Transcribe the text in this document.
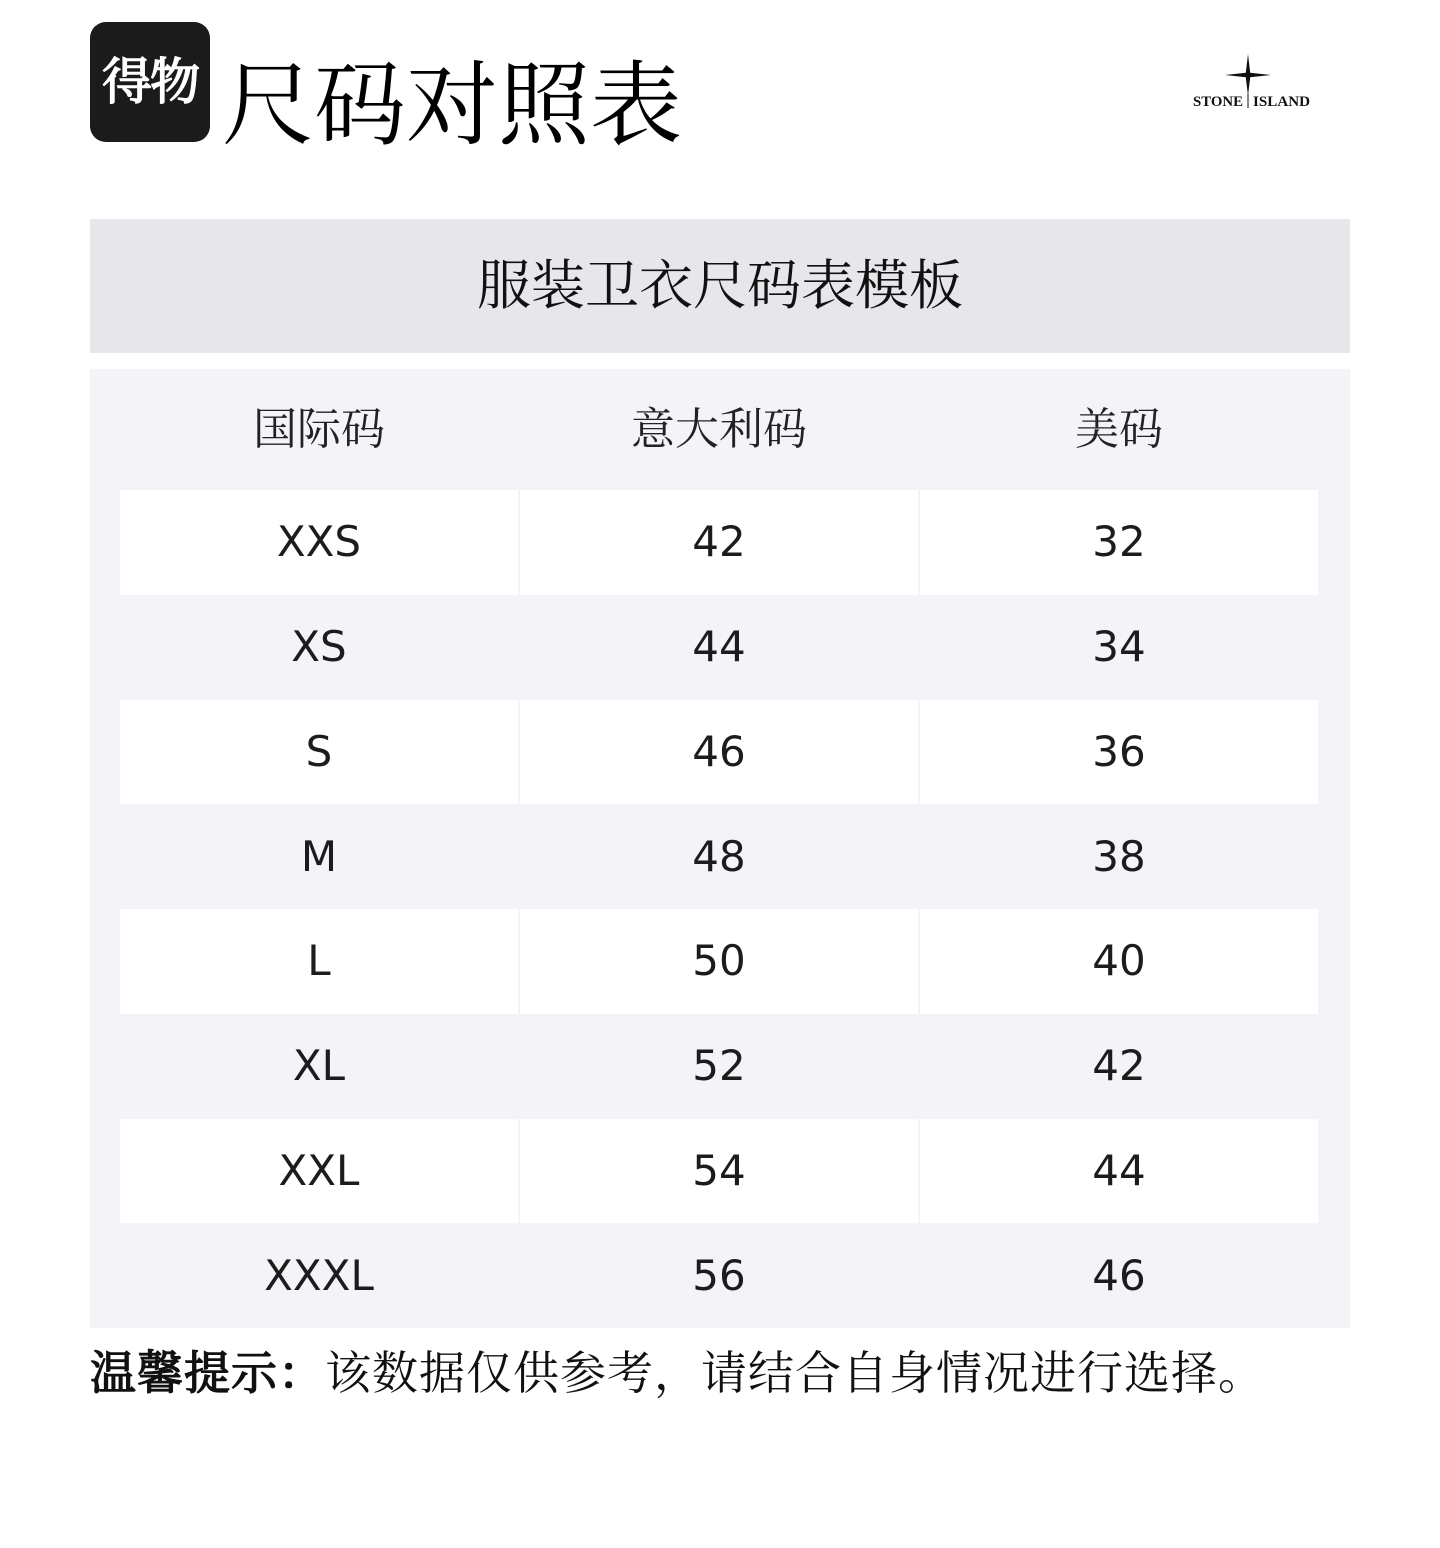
得物 尺码对照表	STONE ISLAND
服装卫衣尺码表模板
国际码	意大利码	美码
XXS	42	32
XS	44	34
S	46	36
M	48	38
L	50	40
XL	52	42
XXL	54	44
XXXL	56	46
温馨提示：该数据仅供参考，请结合自身情况进行选择。
